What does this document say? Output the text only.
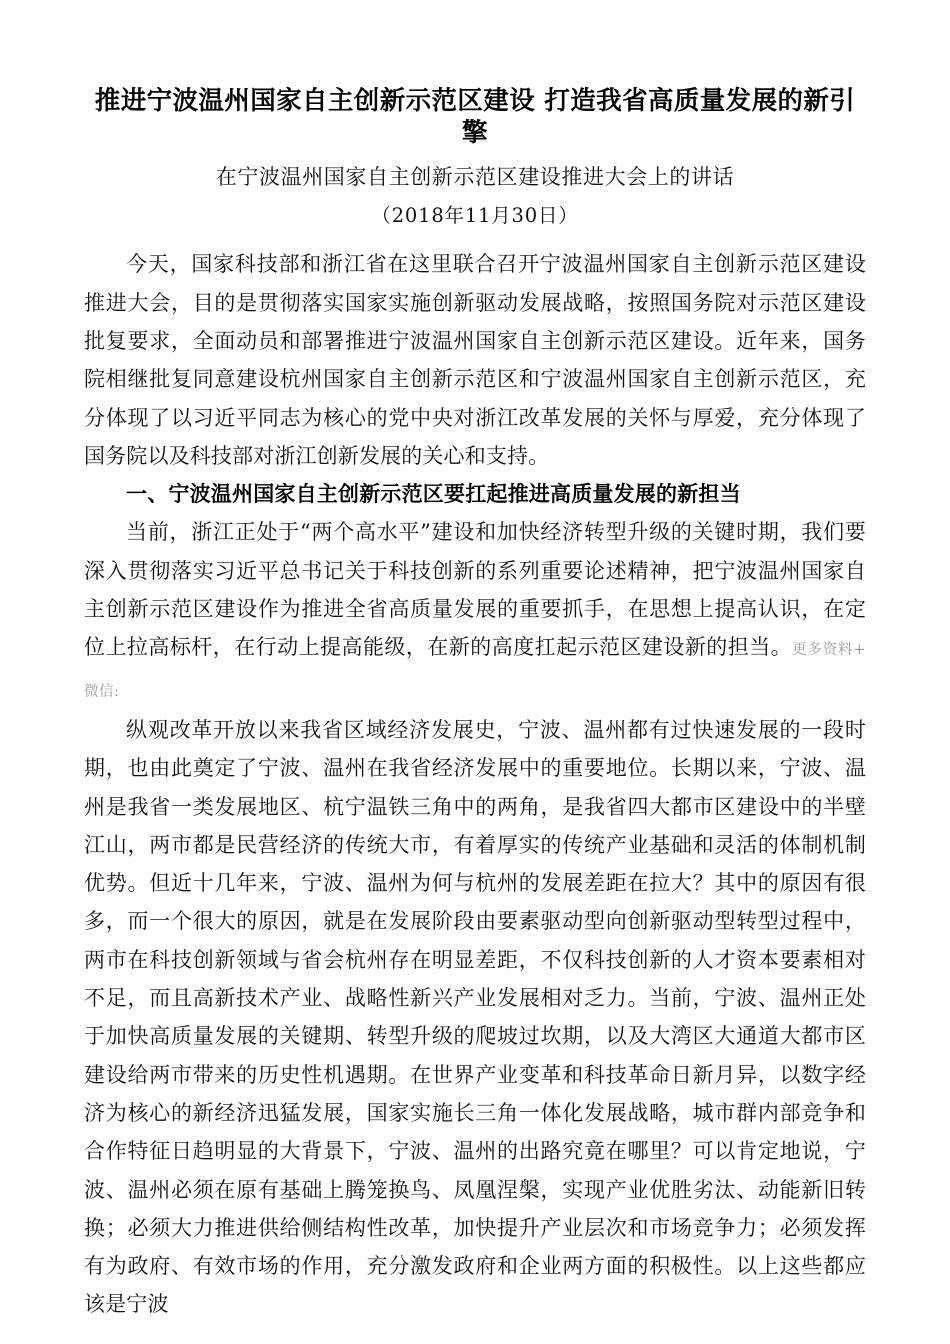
推进宁波温州国家自主创新示范区建设 打造我省高质量发展的新引擎
在宁波温州国家自主创新示范区建设推进大会上的讲话

（2018年11月30日）

今天，国家科技部和浙江省在这里联合召开宁波温州国家自主创新示范区建设推进大会，目的是贯彻落实国家实施创新驱动发展战略，按照国务院对示范区建设批复要求，全面动员和部署推进宁波温州国家自主创新示范区建设。近年来，国务院相继批复同意建设杭州国家自主创新示范区和宁波温州国家自主创新示范区，充分体现了以习近平同志为核心的党中央对浙江改革发展的关怀与厚爱，充分体现了国务院以及科技部对浙江创新发展的关心和支持。

一、宁波温州国家自主创新示范区要扛起推进高质量发展的新担当

当前，浙江正处于“两个高水平”建设和加快经济转型升级的关键时期，我们要深入贯彻落实习近平总书记关于科技创新的系列重要论述精神，把宁波温州国家自主创新示范区建设作为推进全省高质量发展的重要抓手，在思想上提高认识，在定位上拉高标杆，在行动上提高能级，在新的高度扛起示范区建设新的担当。更多资料+ 微信:

纵观改革开放以来我省区域经济发展史，宁波、温州都有过快速发展的一段时期，也由此奠定了宁波、温州在我省经济发展中的重要地位。长期以来，宁波、温州是我省一类发展地区、杭宁温铁三角中的两角，是我省四大都市区建设中的半壁江山，两市都是民营经济的传统大市，有着厚实的传统产业基础和灵活的体制机制优势。但近十几年来，宁波、温州为何与杭州的发展差距在拉大？其中的原因有很多，而一个很大的原因，就是在发展阶段由要素驱动型向创新驱动型转型过程中，两市在科技创新领域与省会杭州存在明显差距，不仅科技创新的人才资本要素相对不足，而且高新技术产业、战略性新兴产业发展相对乏力。当前，宁波、温州正处于加快高质量发展的关键期、转型升级的爬坡过坎期，以及大湾区大通道大都市区建设给两市带来的历史性机遇期。在世界产业变革和科技革命日新月异，以数字经济为核心的新经济迅猛发展，国家实施长三角一体化发展战略，城市群内部竞争和合作特征日趋明显的大背景下，宁波、温州的出路究竟在哪里？可以肯定地说，宁波、温州必须在原有基础上腾笼换鸟、凤凰涅槃，实现产业优胜劣汰、动能新旧转换；必须大力推进供给侧结构性改革，加快提升产业层次和市场竞争力；必须发挥有为政府、有效市场的作用，充分激发政府和企业两方面的积极性。以上这些都应该是宁波
